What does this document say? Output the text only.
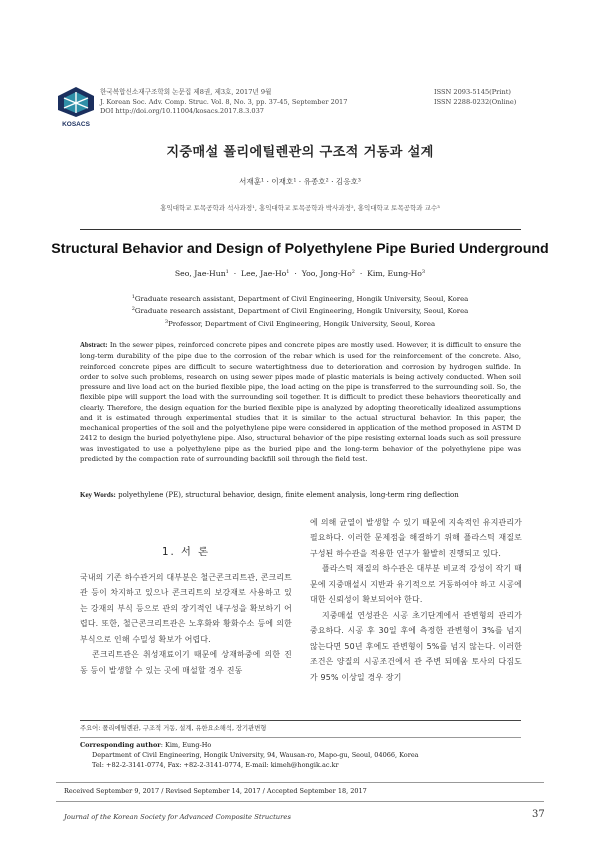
KOSACS
한국복합신소재구조학회 논문집 제8권, 제3호, 2017년 9월
J. Korean Soc. Adv. Comp. Struc. Vol. 8, No. 3, pp. 37-45, September 2017
DOI http://doi.org/10.11004/kosacs.2017.8.3.037
ISSN 2093-5145(Print)
ISSN 2288-0232(Online)
지중매설 폴리에틸렌관의 구조적 거동과 설계
서재훈¹ · 이재호¹ · 유종호² · 김응호³
홍익대학교 토목공학과 석사과정¹, 홍익대학교 토목공학과 박사과정², 홍익대학교 토목공학과 교수³
Structural Behavior and Design of Polyethylene Pipe Buried Underground
Seo, Jae-Hun$^1$  ·  Lee, Jae-Ho$^1$  ·  Yoo, Jong-Ho$^2$  ·  Kim, Eung-Ho$^3$
$^1$Graduate research assistant, Department of Civil Engineering, Hongik University, Seoul, Korea
$^2$Graduate research assistant, Department of Civil Engineering, Hongik University, Seoul, Korea
$^3$Professor, Department of Civil Engineering, Hongik University, Seoul, Korea
Abstract: In the sewer pipes, reinforced concrete pipes and concrete pipes are mostly used. However, it is difficult to ensure the long-term durability of the pipe due to the corrosion of the rebar which is used for the reinforcement of the concrete. Also, reinforced concrete pipes are difficult to secure watertightness due to deterioration and corrosion by hydrogen sulfide. In order to solve such problems, research on using sewer pipes made of plastic materials is being actively conducted. When soil pressure and live load act on the buried flexible pipe, the load acting on the pipe is transferred to the surrounding soil. So, the flexible pipe will support the load with the surrounding soil together. It is difficult to predict these behaviors theoretically and clearly. Therefore, the design equation for the buried flexible pipe is analyzed by adopting theoretically idealized assumptions and it is estimated through experimental studies that it is similar to the actual structural behavior. In this paper, the mechanical properties of the soil and the polyethylene pipe were considered in application of the method proposed in ASTM D 2412 to design the buried polyethylene pipe. Also, structural behavior of the pipe resisting external loads such as soil pressure was investigated to use a polyethylene pipe as the buried pipe and the long-term behavior of the polyethylene pipe was predicted by the compaction rate of surrounding backfill soil through the field test.
Key Words: polyethylene (PE), structural behavior, design, finite element analysis, long-term ring deflection
1. 서 론

국내의 기존 하수관거의 대부분은 철근콘크리트관, 콘크리트관 등이 차지하고 있으나 콘크리트의 보강재로 사용하고 있는 강재의 부식 등으로 관의 장기적인 내구성을 확보하기 어렵다. 또한, 철근콘크리트관은 노후화와 황화수소 등에 의한 부식으로 인해 수밀성 확보가 어렵다.

콘크리트관은 취성재료이기 때문에 상재하중에 의한 진동 등이 발생할 수 있는 곳에 매설할 경우 진동

에 의해 균열이 발생할 수 있기 때문에 지속적인 유지관리가 필요하다. 이러한 문제점을 해결하기 위해 플라스틱 재질로 구성된 하수관을 적용한 연구가 활발히 진행되고 있다.

플라스틱 재질의 하수관은 대부분 비교적 강성이 작기 때문에 지중매설시 지반과 유기적으로 거동하여야 하고 시공에 대한 신뢰성이 확보되어야 한다.

지중매설 연성관은 시공 초기단계에서 관변형의 관리가 중요하다. 시공 후 30일 후에 측정한 관변형이 3%를 넘지 않는다면 50년 후에도 관변형이 5%를 넘지 않는다. 이러한 조건은 양질의 시공조건에서 관 주변 되메움 토사의 다짐도가 95% 이상일 경우 장기

주요어: 폴리에틸렌관, 구조적 거동, 설계, 유한요소해석, 장기관변형
Corresponding author: Kim, Eung-Ho
Department of Civil Engineering, Hongik University, 94, Wausan-ro, Mapo-gu, Seoul, 04066, Korea
Tel: +82-2-3141-0774, Fax: +82-2-3141-0774, E-mail: kimeh@hongik.ac.kr
Received September 9, 2017 / Revised September 14, 2017 / Accepted September 18, 2017
Journal of the Korean Society for Advanced Composite Structures	37
